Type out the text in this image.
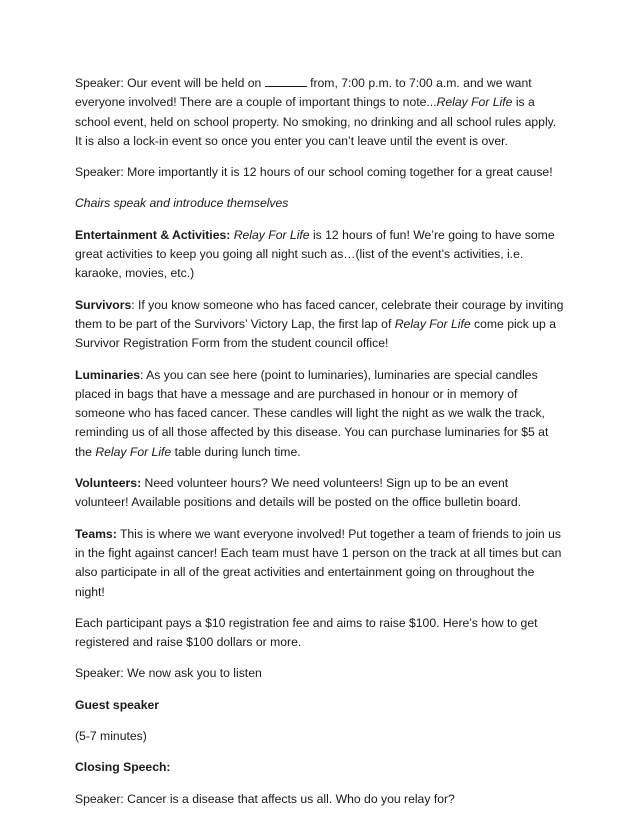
Speaker: Our event will be held on	from, 7:00 p.m. to 7:00 a.m. and we want everyone involved! There are a couple of important things to note...Relay For Life is a school event, held on school property. No smoking, no drinking and all school rules apply. It is also a lock-in event so once you enter you can’t leave until the event is over.

Speaker: More importantly it is 12 hours of our school coming together for a great cause!

Chairs speak and introduce themselves

Entertainment & Activities: Relay For Life is 12 hours of fun! We’re going to have some great activities to keep you going all night such as…(list of the event’s activities, i.e. karaoke, movies, etc.)

Survivors: If you know someone who has faced cancer, celebrate their courage by inviting them to be part of the Survivors’ Victory Lap, the first lap of Relay For Life come pick up a Survivor Registration Form from the student council office!

Luminaries: As you can see here (point to luminaries), luminaries are special candles placed in bags that have a message and are purchased in honour or in memory of someone who has faced cancer. These candles will light the night as we walk the track, reminding us of all those affected by this disease. You can purchase luminaries for $5 at the Relay For Life table during lunch time.

Volunteers: Need volunteer hours? We need volunteers! Sign up to be an event volunteer! Available positions and details will be posted on the office bulletin board.

Teams: This is where we want everyone involved! Put together a team of friends to join us in the fight against cancer! Each team must have 1 person on the track at all times but can also participate in all of the great activities and entertainment going on throughout the night!

Each participant pays a $10 registration fee and aims to raise $100. Here’s how to get registered and raise $100 dollars or more.

Speaker: We now ask you to listen

Guest speaker

(5-7 minutes)

Closing Speech:

Speaker: Cancer is a disease that affects us all. Who do you relay for?
